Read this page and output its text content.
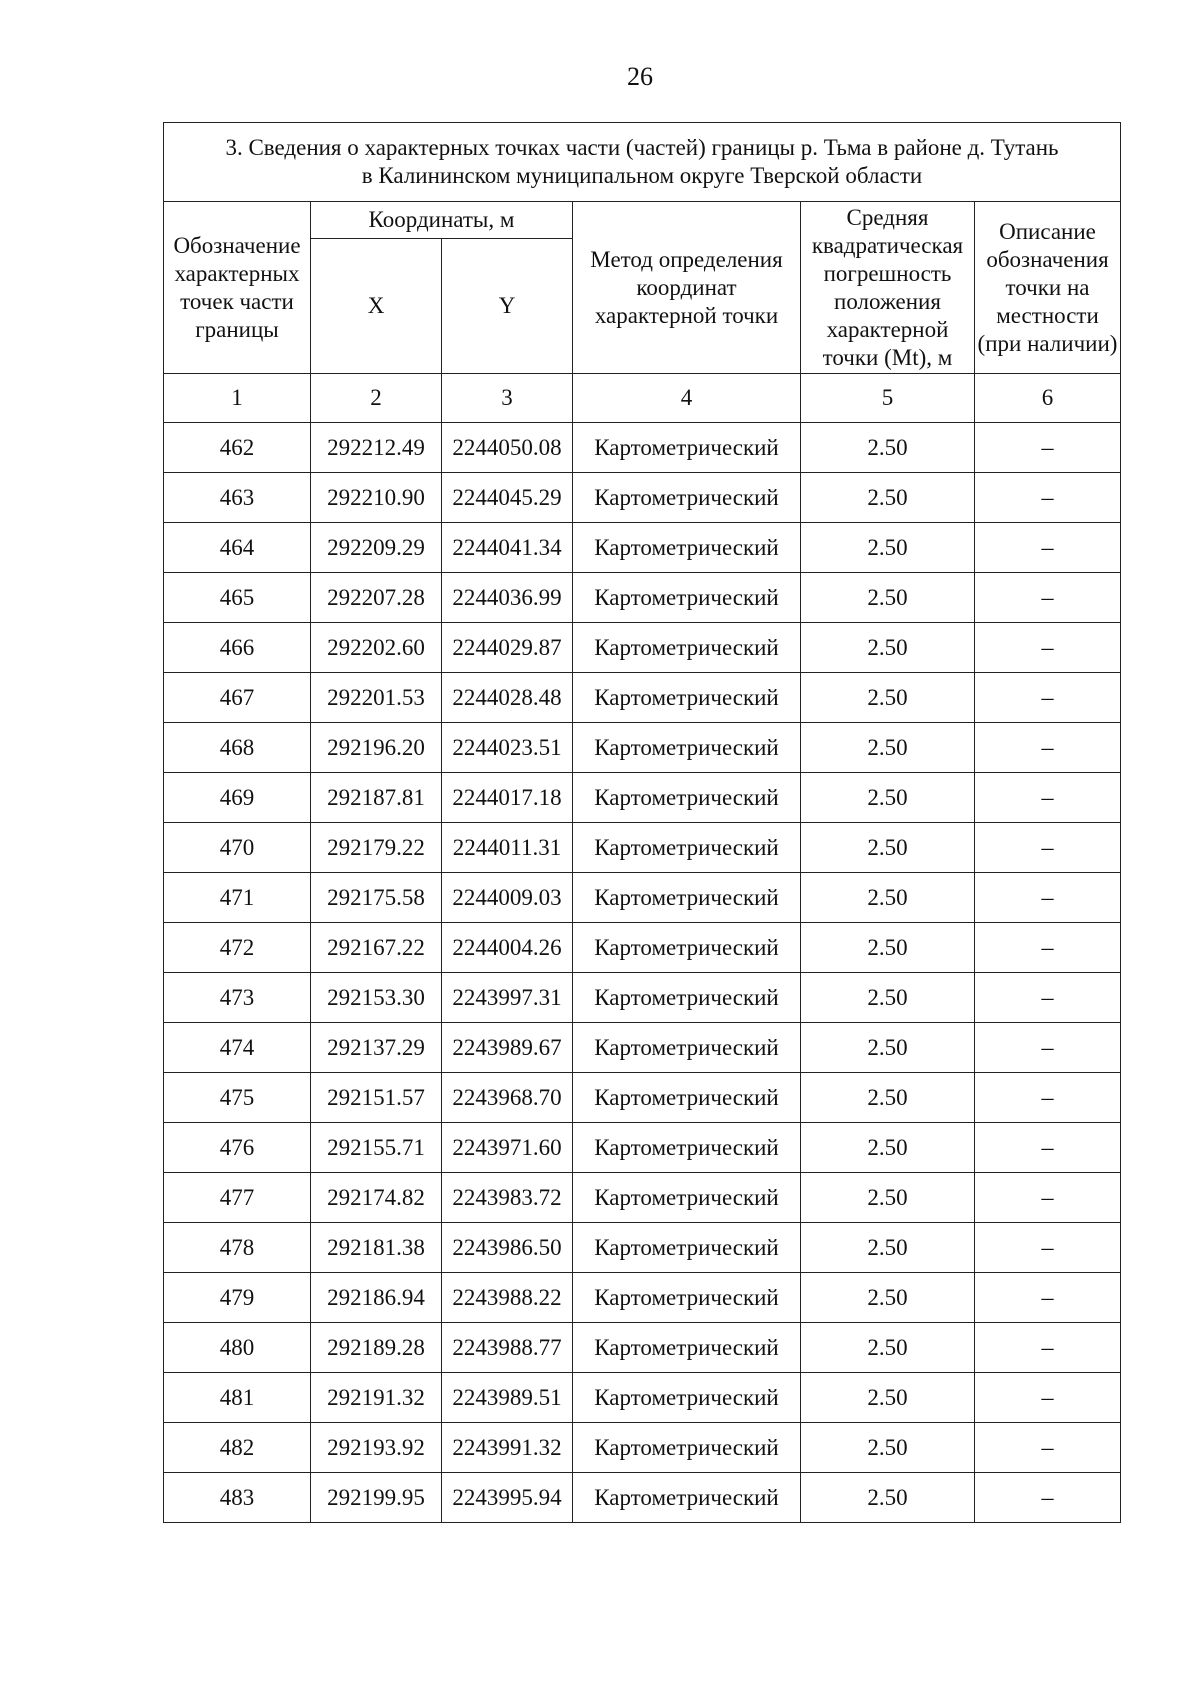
26
3. Сведения о характерных точках части (частей) границы р. Тьма в районе д. Тутань
в Калининском муниципальном округе Тверской области					

Обозначение характерных точек части границы	Координаты, м		Метод определения координат характерной точки	Средняя квадратическая погрешность положения характерной точки (Mt), м	Описание обозначения точки на местности (при наличии)
	X	Y			
1	2	3	4	5	6
462	292212.49	2244050.08	Картометрический	2.50	–
463	292210.90	2244045.29	Картометрический	2.50	–
464	292209.29	2244041.34	Картометрический	2.50	–
465	292207.28	2244036.99	Картометрический	2.50	–
466	292202.60	2244029.87	Картометрический	2.50	–
467	292201.53	2244028.48	Картометрический	2.50	–
468	292196.20	2244023.51	Картометрический	2.50	–
469	292187.81	2244017.18	Картометрический	2.50	–
470	292179.22	2244011.31	Картометрический	2.50	–
471	292175.58	2244009.03	Картометрический	2.50	–
472	292167.22	2244004.26	Картометрический	2.50	–
473	292153.30	2243997.31	Картометрический	2.50	–
474	292137.29	2243989.67	Картометрический	2.50	–
475	292151.57	2243968.70	Картометрический	2.50	–
476	292155.71	2243971.60	Картометрический	2.50	–
477	292174.82	2243983.72	Картометрический	2.50	–
478	292181.38	2243986.50	Картометрический	2.50	–
479	292186.94	2243988.22	Картометрический	2.50	–
480	292189.28	2243988.77	Картометрический	2.50	–
481	292191.32	2243989.51	Картометрический	2.50	–
482	292193.92	2243991.32	Картометрический	2.50	–
483	292199.95	2243995.94	Картометрический	2.50	–
